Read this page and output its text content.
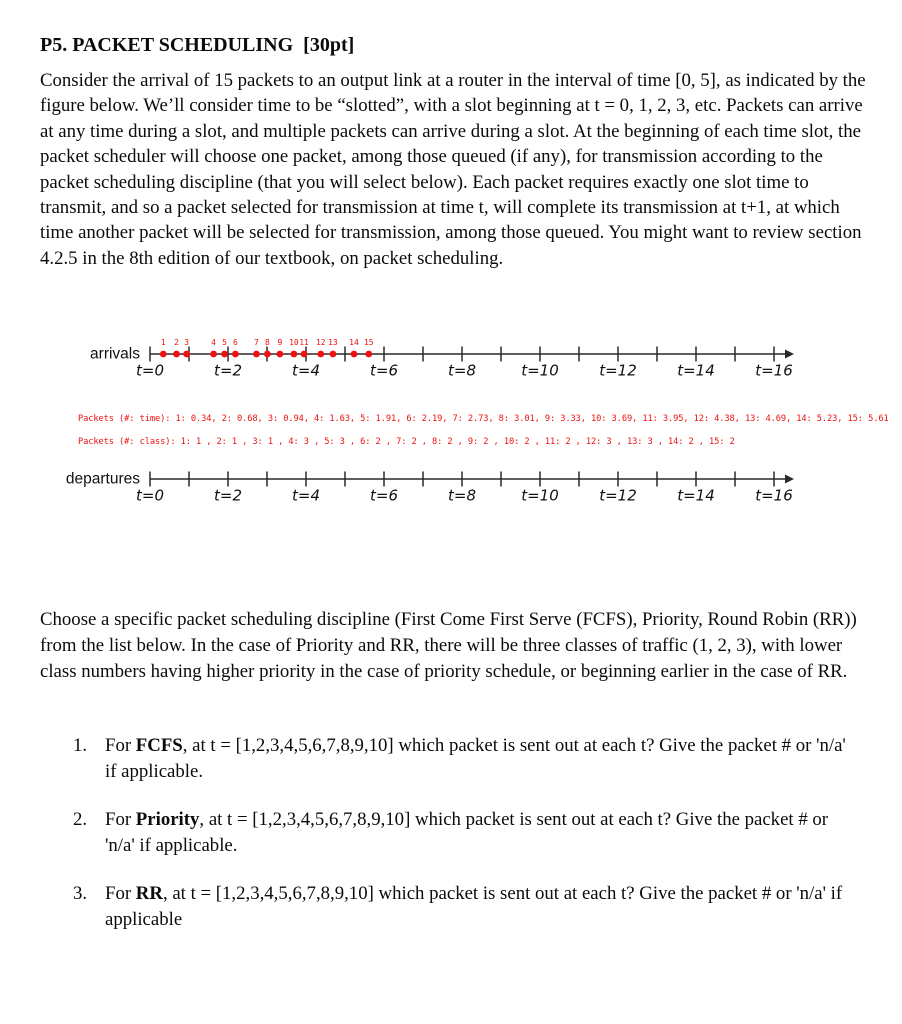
P5. PACKET SCHEDULING  [30pt]

Consider the arrival of 15 packets to an output link at a router in the interval of time [0, 5], as indicated by the figure below. We’ll consider time to be “slotted”, with a slot beginning at t = 0, 1, 2, 3, etc. Packets can arrive at any time during a slot, and multiple packets can arrive during a slot. At the beginning of each time slot, the packet scheduler will choose one packet, among those queued (if any), for transmission according to the packet scheduling discipline (that you will select below). Each packet requires exactly one slot time to transmit, and so a packet selected for transmission at time t, will complete its transmission at t+1, at which time another packet will be selected for transmission, among those queued. You might want to review section 4.2.5 in the 8th edition of our textbook, on packet scheduling.

t=0	t=2	t=4	t=6	t=8	t=10	t=12	t=14	t=16
t=0	t=2	t=4	t=6	t=8	t=10	t=12	t=14	t=16
arrivals
departures
1 2 3	4 5 6 7 8 9 10 11 12 13 14 15
Packets (#: time): 1: 0.34, 2: 0.68, 3: 0.94, 4: 1.63, 5: 1.91, 6: 2.19, 7: 2.73, 8: 3.01, 9: 3.33, 10: 3.69, 11: 3.95, 12: 4.38, 13: 4.69, 14: 5.23, 15: 5.61
Packets (#: class): 1: 1 , 2: 1 , 3: 1 , 4: 3 , 5: 3 , 6: 2 , 7: 2 , 8: 2 , 9: 2 , 10: 2 , 11: 2 , 12: 3 , 13: 3 , 14: 2 , 15: 2

Choose a specific packet scheduling discipline (First Come First Serve (FCFS), Priority, Round Robin (RR)) from the list below. In the case of Priority and RR, there will be three classes of traffic (1, 2, 3), with lower class numbers having higher priority in the case of priority schedule, or beginning earlier in the case of RR.

1. For FCFS, at t = [1,2,3,4,5,6,7,8,9,10] which packet is sent out at each t? Give the packet # or 'n/a' if applicable.
2. For Priority, at t = [1,2,3,4,5,6,7,8,9,10] which packet is sent out at each t? Give the packet # or 'n/a' if applicable.
3. For RR, at t = [1,2,3,4,5,6,7,8,9,10] which packet is sent out at each t? Give the packet # or 'n/a' if applicable
